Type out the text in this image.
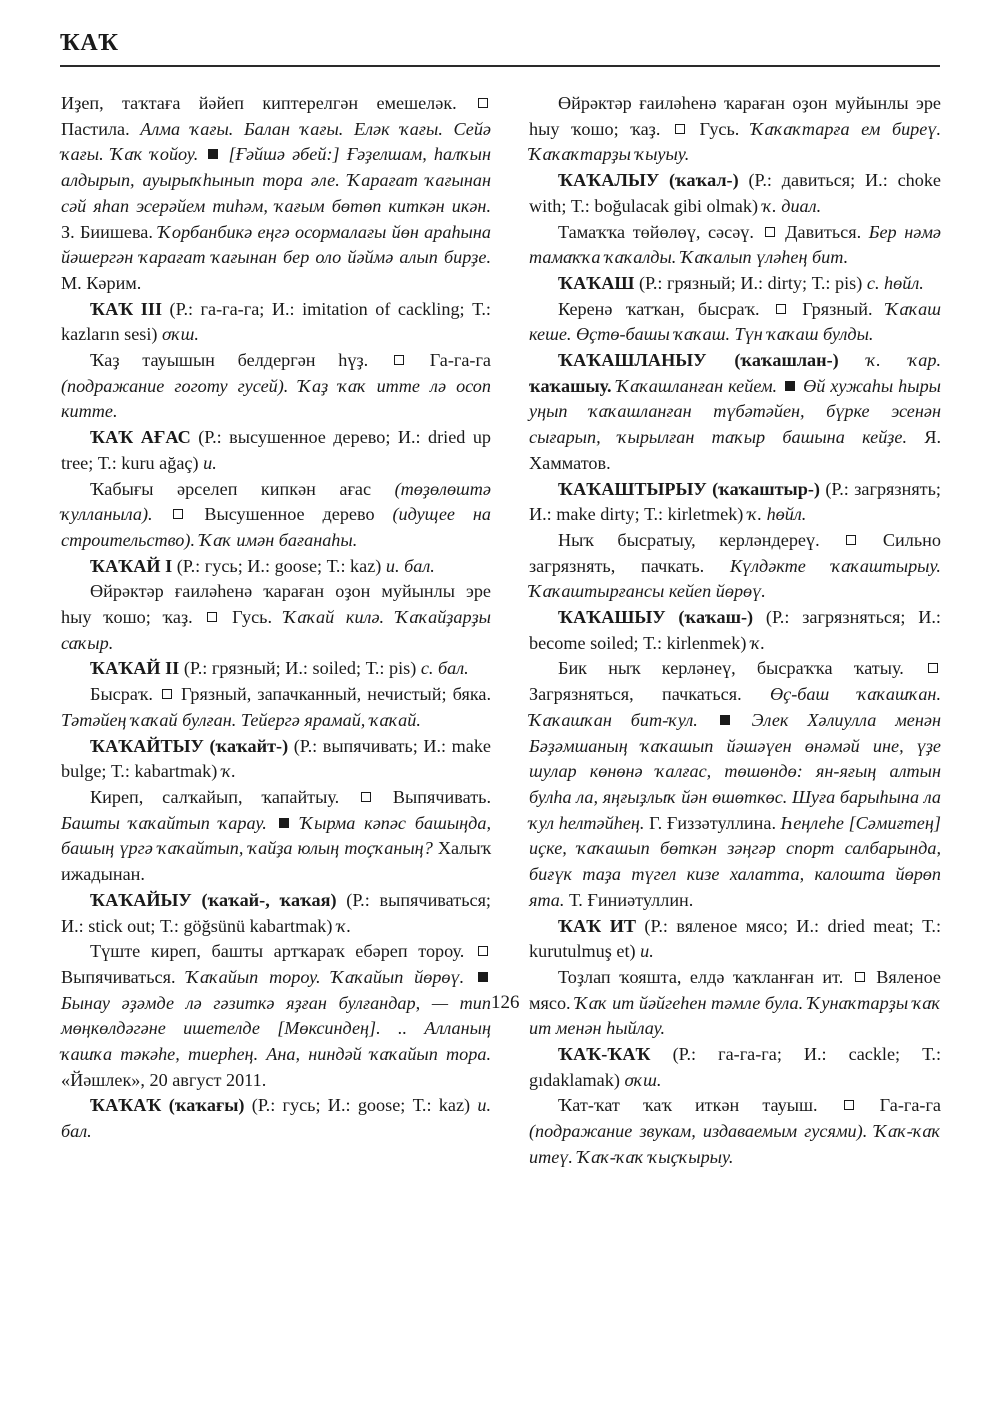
ҠАҠ

Иҙеп, таҡтаға йәйеп киптерелгән емешеләк.  Пастила. Алма ҡағы. Балан ҡағы. Еләк ҡағы. Сейә ҡағы. Ҡаҡ ҡойоу.  [Ғәйшә әбей:] Ғәҙелшам, һалҡын алдырып, ауырыҡһынып тора әле. Ҡарағат ҡағынан сәй яһап эсерәйем тиһәм, ҡағым бөтөп киткән икән. З. Биишева. Ҡорбанбикә еңгә осормалағы йөн араһына йәшергән ҡарағат ҡағынан бер оло йәймә алып бирҙе. М. Кәрим.

ҠАҠ III (Р.: га-га-га; И.: imitation of cackling; Т.: kazların sesi) оҡш.

Ҡаҙ тауышын белдергән һүҙ.  Га-га-га (подражание гоготу гусей). Ҡаҙ ҡаҡ итте лә осоп китте.

ҠАҠ АҒАС (Р.: высушенное дерево; И.: dried up tree; Т.: kuru ağaç) и.

Ҡабығы әрселеп кипкән ағас (төҙөлөштә ҡулланыла).  Высушенное дерево (идущее на строительство). Ҡаҡ имән бағанаһы.

ҠАҠАЙ I (Р.: гусь; И.: goose; Т.: kaz) и. бал.

Өйрәктәр ғаиләһенә ҡараған оҙон муйынлы эре һыу ҡошо; ҡаҙ.  Гусь. Ҡаҡай килә. Ҡаҡайҙарҙы саҡыр.

ҠАҠАЙ II (Р.: грязный; И.: soiled; Т.: pis) с. бал.

Бысраҡ.  Грязный, запачканный, нечистый; бяка. Тәтәйең ҡаҡай булған. Тейергә ярамай, ҡаҡай.

ҠАҠАЙТЫУ (ҡаҡайт-) (Р.: выпячивать; И.: make bulge; Т.: kabartmak) ҡ.

Киреп, салҡайып, ҡапайтыу.  Выпячивать. Башты ҡаҡайтып ҡарау.  Ҡырма кәпәс башыңда, башың үргә ҡаҡайтып, ҡайҙа юлың тоҫҡаның? Халыҡ ижадынан.

ҠАҠАЙЫУ (ҡаҡай-, ҡаҡая) (Р.: выпячиваться; И.: stick out; Т.: göğsünü kabartmak) ҡ.

Түште киреп, башты артҡараҡ ебәреп тороу.  Выпячиваться. Ҡаҡайып тороу. Ҡаҡайып йөрөү.  Бынау әҙәмде лә гәзиткә яҙған булғандар, — тип мөңкөлдәгәне ишетелде [Мөксиндең]. .. Алланың ҡашҡа тәкәһе, тиерһең. Ана, ниндәй ҡаҡайып тора. «Йәшлек», 20 август 2011.

ҠАҠАҠ (ҡаҡағы) (Р.: гусь; И.: goose; Т.: kaz) и. бал.

Өйрәктәр ғаиләһенә ҡараған оҙон муйынлы эре һыу ҡошо; ҡаҙ.  Гусь. Ҡаҡаҡтарға ем биреү. Ҡаҡаҡтарҙы ҡыуыу.

ҠАҠАЛЫУ (ҡаҡал-) (Р.: давиться; И.: choke with; Т.: boğulacak gibi olmak) ҡ. диал.

Тамаҡҡа төйөлөү, сәсәү.  Давиться. Бер нәмә тамаҡҡа ҡаҡалды. Ҡаҡалып үләһең бит.

ҠАҠАШ (Р.: грязный; И.: dirty; Т.: pis) с. һөйл.

Керенә ҡатҡан, бысраҡ.  Грязный. Ҡаҡаш кеше. Өҫтө-башы ҡаҡаш. Түн ҡаҡаш булды.

ҠАҠАШЛАНЫУ (ҡаҡашлан-) ҡ. ҡар. ҡаҡашыу. Ҡаҡашланған кейем.  Өй хужаһы һыры уңып ҡаҡашланған түбәтәйен, бүрке эсенән сығарып, ҡырылған таҡыр башына кейҙе. Я. Хамматов.

ҠАҠАШТЫРЫУ (ҡаҡаштыр-) (Р.: загрязнять; И.: make dirty; Т.: kirletmek) ҡ. һөйл.

Ныҡ бысратыу, керләндереү.  Сильно загрязнять, пачкать. Күлдәкте ҡаҡаштырыу. Ҡаҡаштырғансы кейеп йөрөү.

ҠАҠАШЫУ (ҡаҡаш-) (Р.: загрязняться; И.: become soiled; Т.: kirlenmek) ҡ.

Бик ныҡ керләнеү, бысраҡҡа ҡатыу.  Загрязняться, пачкаться. Өҫ-баш ҡаҡашҡан. Ҡаҡашҡан бит-ҡул.  Элек Хәлиулла менән Бәҙәмшаның ҡаҡашып йәшәүен өнәмәй ине, үҙе шулар көнөнә ҡалғас, төшөндө: ян-яғың алтын булһа ла, яңғыҙлыҡ йән өшөткөс. Шуға барыһына ла ҡул һелтәйһең. Г. Ғиззәтуллина. Һеңлеһе [Сәмиғтең] иҫке, ҡаҡашып бөткән зәңгәр спорт салбарында, биғүк таҙа түгел кизе халатта, калошта йөрөп ята. Т. Ғиниәтуллин.

ҠАҠ ИТ (Р.: вяленое мясо; И.: dried meat; Т.: kurutulmuş et) и.

Тоҙлап ҡояшта, елдә ҡаҡланған ит.  Вяленое мясо. Ҡаҡ ит йәйгеһен тәмле була. Ҡунаҡтарҙы ҡаҡ ит менән һыйлау.

ҠАҠ-ҠАҠ (Р.: га-га-га; И.: cackle; Т.: gıdaklamak) оҡш.

Ҡат-ҡат ҡаҡ иткән тауыш.  Га-га-га (подражание звукам, издаваемым гусями). Ҡаҡ-ҡаҡ итеү. Ҡаҡ-ҡаҡ ҡыҫҡырыу.

126
